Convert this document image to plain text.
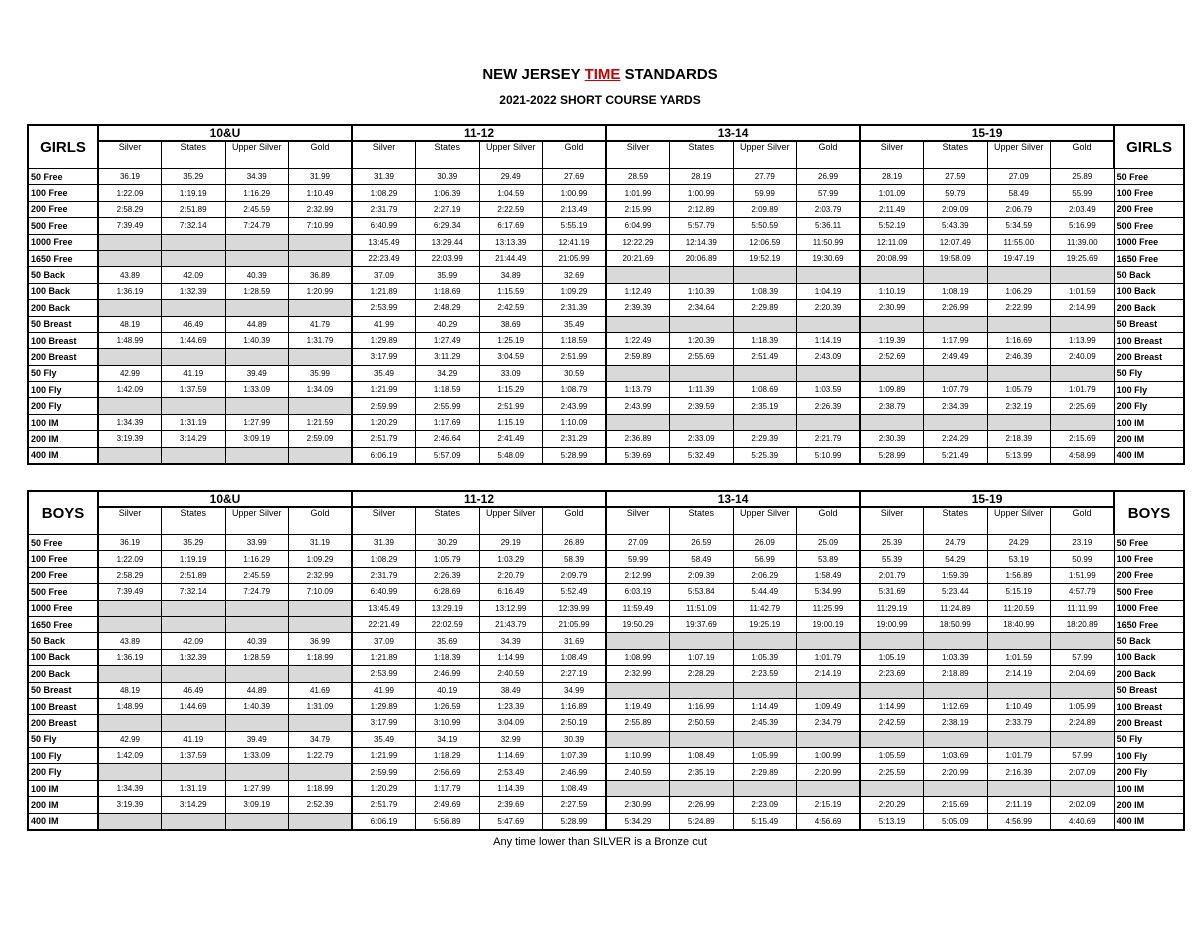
NEW JERSEY TIME STANDARDS
2021-2022 SHORT COURSE YARDS
GIRLS	10&U				11-12				13-14				15-19				GIRLS
	Silver	States	Upper Silver	Gold	Silver	States	Upper Silver	Gold	Silver	States	Upper Silver	Gold	Silver	States	Upper Silver	Gold	
50 Free	36.19	35.29	34.39	31.99	31.39	30.39	29.49	27.69	28.59	28.19	27.79	26.99	28.19	27.59	27.09	25.89	50 Free
100 Free	1:22.09	1:19.19	1:16.29	1:10.49	1:08.29	1:06.39	1:04.59	1:00.99	1:01.99	1:00.99	59.99	57.99	1:01.09	59.79	58.49	55.99	100 Free
200 Free	2:58.29	2:51.89	2:45.59	2:32.99	2:31.79	2:27.19	2:22.59	2:13.49	2:15.99	2:12.89	2:09.89	2:03.79	2:11.49	2:09.09	2:06.79	2:03.49	200 Free
500 Free	7:39.49	7:32.14	7:24.79	7:10.99	6:40.99	6:29.34	6:17.69	5:55.19	6:04.99	5:57.79	5:50.59	5:36.11	5:52.19	5:43.39	5:34.59	5:16.99	500 Free
1000 Free					13:45.49	13:29.44	13:13.39	12:41.19	12:22.29	12:14.39	12:06.59	11:50.99	12:11.09	12:07.49	11:55.00	11:39.00	1000 Free
1650 Free					22:23.49	22:03.99	21:44.49	21:05.99	20:21.69	20:06.89	19:52.19	19:30.69	20:08.99	19:58.09	19:47.19	19:25.69	1650 Free
50 Back	43.89	42.09	40.39	36.89	37.09	35.99	34.89	32.69									50 Back
100 Back	1:36.19	1:32.39	1:28.59	1:20.99	1:21.89	1:18.69	1:15.59	1:09.29	1:12.49	1:10.39	1:08.39	1:04.19	1:10.19	1:08.19	1:06.29	1:01.59	100 Back
200 Back					2:53.99	2:48.29	2:42.59	2:31.39	2:39.39	2:34.64	2:29.89	2:20.39	2:30.99	2:26.99	2:22.99	2:14.99	200 Back
50 Breast	48.19	46.49	44.89	41.79	41.99	40.29	38.69	35.49									50 Breast
100 Breast	1:48.99	1:44.69	1:40.39	1:31.79	1:29.89	1:27.49	1:25.19	1:18.59	1:22.49	1:20.39	1:18.39	1:14.19	1:19.39	1:17.99	1:16.69	1:13.99	100 Breast
200 Breast					3:17.99	3:11.29	3:04.59	2:51.99	2:59.89	2:55.69	2:51.49	2:43.09	2:52.69	2:49.49	2:46.39	2:40.09	200 Breast
50 Fly	42.99	41.19	39.49	35.99	35.49	34.29	33.09	30.59									50 Fly
100 Fly	1:42.09	1:37.59	1:33.09	1:34.09	1:21.99	1:18.59	1:15.29	1:08.79	1:13.79	1:11.39	1:08.69	1:03.59	1:09.89	1:07.79	1:05.79	1:01.79	100 Fly
200 Fly					2:59.99	2:55.99	2:51.99	2:43.99	2:43.99	2:39.59	2:35.19	2:26.39	2:38.79	2:34.39	2:32.19	2:25.69	200 Fly
100 IM	1:34.39	1:31.19	1:27.99	1:21.59	1:20.29	1:17.69	1:15.19	1:10.09									100 IM
200 IM	3:19.39	3:14.29	3:09.19	2:59.09	2:51.79	2:46.64	2:41.49	2:31.29	2:36.89	2:33.09	2:29.39	2:21.79	2:30.39	2:24.29	2:18.39	2:15.69	200 IM
400 IM					6:06.19	5:57.09	5:48.09	5:28.99	5:39.69	5:32.49	5:25.39	5:10.99	5:28.99	5:21.49	5:13.99	4:58.99	400 IM
BOYS	10&U				11-12				13-14				15-19				BOYS
	Silver	States	Upper Silver	Gold	Silver	States	Upper Silver	Gold	Silver	States	Upper Silver	Gold	Silver	States	Upper Silver	Gold	
50 Free	36.19	35.29	33.99	31.19	31.39	30.29	29.19	26.89	27.09	26.59	26.09	25.09	25.39	24.79	24.29	23.19	50 Free
100 Free	1:22.09	1:19.19	1:16.29	1:09.29	1:08.29	1:05.79	1:03.29	58.39	59.99	58.49	56.99	53.89	55.39	54.29	53.19	50.99	100 Free
200 Free	2:58.29	2:51.89	2:45.59	2:32.99	2:31.79	2:26.39	2:20.79	2:09.79	2:12.99	2:09.39	2:06.29	1:58.49	2:01.79	1:59.39	1:56.89	1:51.99	200 Free
500 Free	7:39.49	7:32.14	7:24.79	7:10.09	6:40.99	6:28.69	6:16.49	5:52.49	6:03.19	5:53.84	5:44.49	5:34.99	5:31.69	5:23.44	5:15.19	4:57.79	500 Free
1000 Free					13:45.49	13:29.19	13:12.99	12:39.99	11:59.49	11:51.09	11:42.79	11:25.99	11:29.19	11:24.89	11:20.59	11:11.99	1000 Free
1650 Free					22:21.49	22:02.59	21:43.79	21:05.99	19:50.29	19:37.69	19:25.19	19:00.19	19:00.99	18:50.99	18:40.99	18:20.89	1650 Free
50 Back	43.89	42.09	40.39	36.99	37.09	35.69	34.39	31.69									50 Back
100 Back	1:36.19	1:32.39	1:28.59	1:18.99	1:21.89	1:18.39	1:14.99	1:08.49	1:08.99	1:07.19	1:05.39	1:01.79	1:05.19	1:03.39	1:01.59	57.99	100 Back
200 Back					2:53.99	2:46.99	2:40.59	2:27.19	2:32.99	2:28.29	2:23.59	2:14.19	2:23.69	2:18.89	2:14.19	2:04.69	200 Back
50 Breast	48.19	46.49	44.89	41.69	41.99	40.19	38.49	34.99									50 Breast
100 Breast	1:48.99	1:44.69	1:40.39	1:31.09	1:29.89	1:26.59	1:23.39	1:16.89	1:19.49	1:16.99	1:14.49	1:09.49	1:14.99	1:12.69	1:10.49	1:05.99	100 Breast
200 Breast					3:17.99	3:10.99	3:04.09	2:50.19	2:55.89	2:50.59	2:45.39	2:34.79	2:42.59	2:38.19	2:33.79	2:24.89	200 Breast
50 Fly	42.99	41.19	39.49	34.79	35.49	34.19	32.99	30.39									50 Fly
100 Fly	1:42.09	1:37.59	1:33.09	1:22.79	1:21.99	1:18.29	1:14.69	1:07.39	1:10.99	1:08.49	1:05.99	1:00.99	1:05.59	1:03.69	1:01.79	57.99	100 Fly
200 Fly					2:59.99	2:56.69	2:53.49	2:46.99	2:40.59	2:35.19	2:29.89	2:20.99	2:25.59	2:20.99	2:16.39	2:07.09	200 Fly
100 IM	1:34.39	1:31.19	1:27.99	1:18.99	1:20.29	1:17.79	1:14.39	1:08.49									100 IM
200 IM	3:19.39	3:14.29	3:09.19	2:52.39	2:51.79	2:49.69	2:39.69	2:27.59	2:30.99	2:26.99	2:23.09	2:15.19	2:20.29	2:15.69	2:11.19	2:02.09	200 IM
400 IM					6:06.19	5:56.89	5:47.69	5:28.99	5:34.29	5:24.89	5:15.49	4:56.69	5:13.19	5:05.09	4:56.99	4:40.69	400 IM
Any time lower than SILVER is a Bronze cut
